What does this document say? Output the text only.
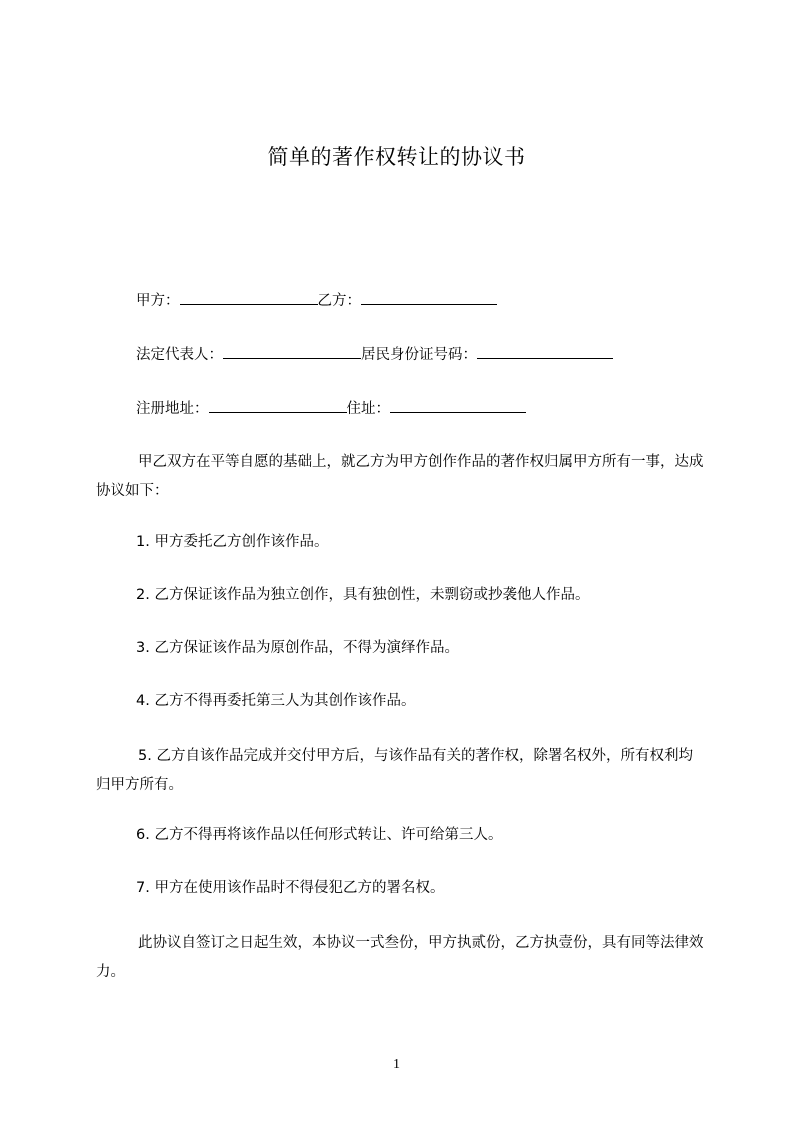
简单的著作权转让的协议书
甲方：	乙方：
法定代表人：	居民身份证号码：
注册地址：	住址：
甲乙双方在平等自愿的基础上，就乙方为甲方创作作品的著作权归属甲方所有一事，达成协议如下：
1. 甲方委托乙方创作该作品。
2. 乙方保证该作品为独立创作，具有独创性，未剽窃或抄袭他人作品。
3. 乙方保证该作品为原创作品，不得为演绎作品。
4. 乙方不得再委托第三人为其创作该作品。
5. 乙方自该作品完成并交付甲方后，与该作品有关的著作权，除署名权外，所有权利均归甲方所有。
6. 乙方不得再将该作品以任何形式转让、许可给第三人。
7. 甲方在使用该作品时不得侵犯乙方的署名权。
此协议自签订之日起生效，本协议一式叁份，甲方执贰份，乙方执壹份，具有同等法律效力。
1
